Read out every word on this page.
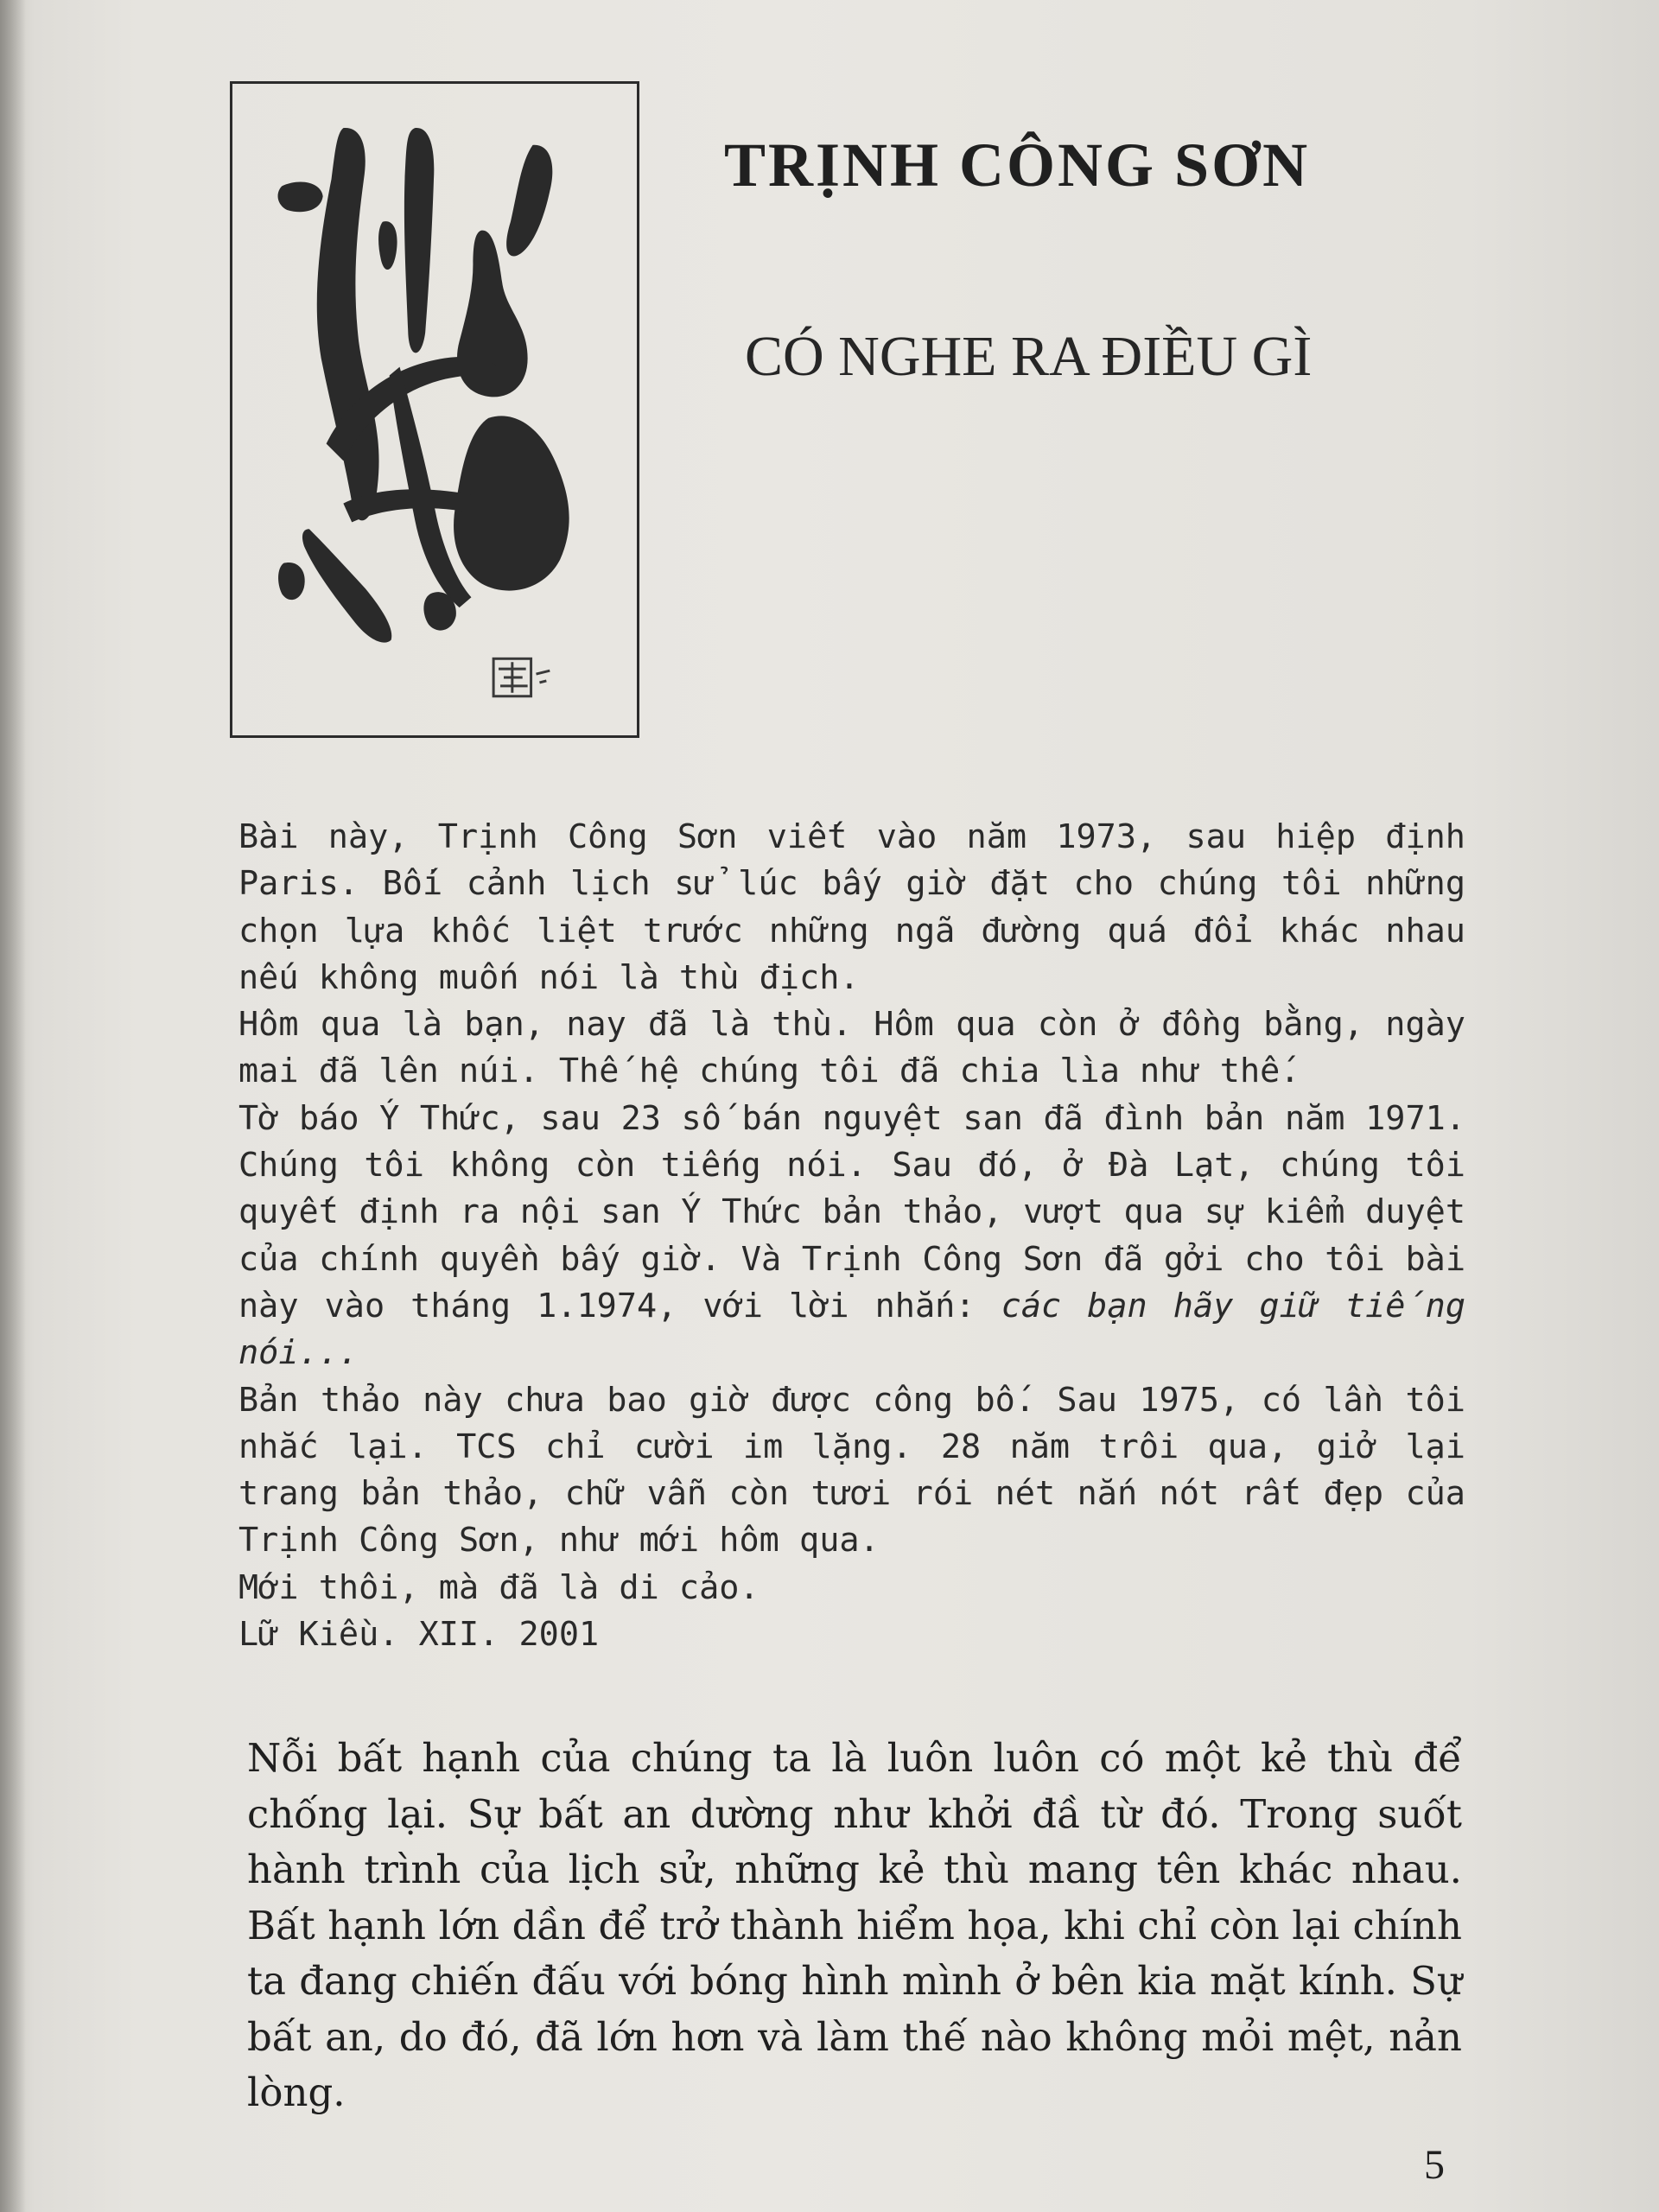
TRỊNH CÔNG SƠN
CÓ NGHE RA ĐIỀU GÌ

Bài này, Trịnh Công Sơn viết vào năm 1973, sau hiệp định Paris. Bối cảnh lịch sử lúc bấy giờ đặt cho chúng tôi những chọn lựa khốc liệt trước những ngã đường quá đổi khác nhau nếu không muốn nói là thù địch.

Hôm qua là bạn, nay đã là thù. Hôm qua còn ở đồng bằng, ngày mai đã lên núi. Thế hệ chúng tôi đã chia lìa như thế.

Tờ báo Ý Thức, sau 23 số bán nguyệt san đã đình bản năm 1971. Chúng tôi không còn tiếng nói. Sau đó, ở Đà Lạt, chúng tôi quyết định ra nội san Ý Thức bản thảo, vượt qua sự kiểm duyệt của chính quyền bấy giờ. Và Trịnh Công Sơn đã gởi cho tôi bài này vào tháng 1.1974, với lời nhắn: các bạn hãy giữ tiếng nói...

Bản thảo này chưa bao giờ được công bố. Sau 1975, có lần tôi nhắc lại. TCS chỉ cười im lặng. 28 năm trôi qua, giở lại trang bản thảo, chữ vẫn còn tươi rói nét nắn nót rất đẹp của Trịnh Công Sơn, như mới hôm qua.

Mới thôi, mà đã là di cảo.

Lữ Kiều. XII. 2001

Nỗi bất hạnh của chúng ta là luôn luôn có một kẻ thù để chống lại. Sự bất an dường như khởi đầ từ đó. Trong suốt hành trình của lịch sử, những kẻ thù mang tên khác nhau. Bất hạnh lớn dần để trở thành hiểm họa, khi chỉ còn lại chính ta đang chiến đấu với bóng hình mình ở bên kia mặt kính. Sự bất an, do đó, đã lớn hơn và làm thế nào không mỏi mệt, nản lòng.

5
